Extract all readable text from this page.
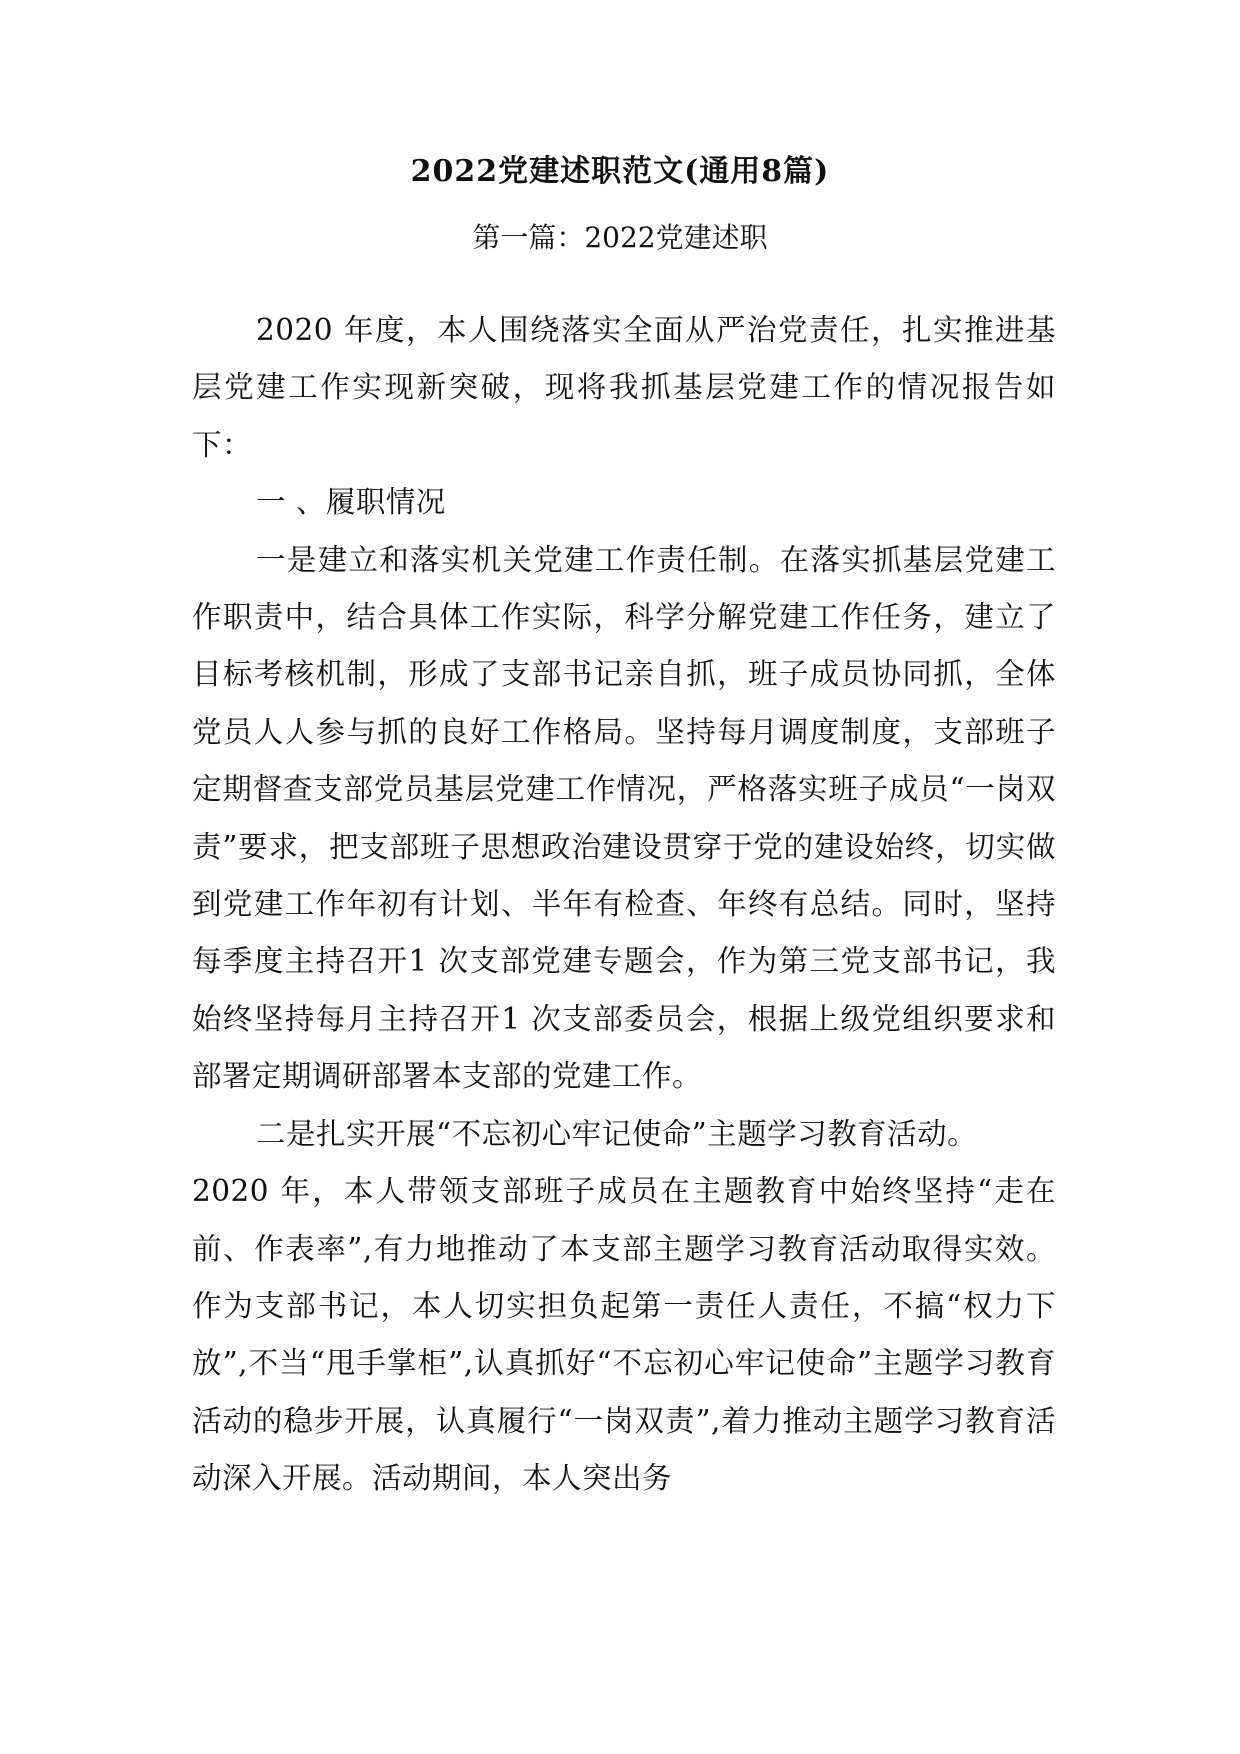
2022党建述职范文(通用8篇)
第一篇：2022党建述职

2020 年度，本人围绕落实全面从严治党责任，扎实推进基层党建工作实现新突破，现将我抓基层党建工作的情况报告如下：

一 、履职情况

一是建立和落实机关党建工作责任制。在落实抓基层党建工作职责中，结合具体工作实际，科学分解党建工作任务，建立了目标考核机制，形成了支部书记亲自抓，班子成员协同抓，全体党员人人参与抓的良好工作格局。坚持每月调度制度，支部班子定期督查支部党员基层党建工作情况，严格落实班子成员“一岗双责”要求，把支部班子思想政治建设贯穿于党的建设始终，切实做到党建工作年初有计划、半年有检查、年终有总结。同时，坚持每季度主持召开1 次支部党建专题会，作为第三党支部书记，我始终坚持每月主持召开1 次支部委员会，根据上级党组织要求和部署定期调研部署本支部的党建工作。

二是扎实开展“不忘初心牢记使命”主题学习教育活动。

2020 年，本人带领支部班子成员在主题教育中始终坚持“走在前、作表率”,有力地推动了本支部主题学习教育活动取得实效。作为支部书记，本人切实担负起第一责任人责任，不搞“权力下放”,不当“甩手掌柜”,认真抓好“不忘初心牢记使命”主题学习教育活动的稳步开展，认真履行“一岗双责”,着力推动主题学习教育活动深入开展。活动期间，本人突出务
